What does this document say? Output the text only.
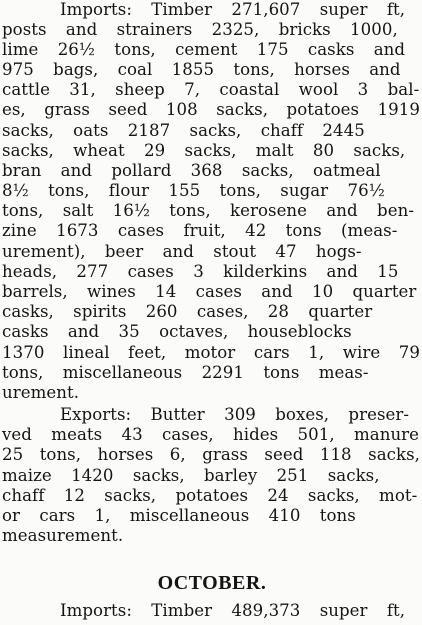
Imports: Timber 271,607 super ft,
posts and strainers 2325, bricks 1000,
lime 26½ tons, cement 175 casks and
975 bags, coal 1855 tons, horses and
cattle 31, sheep 7, coastal wool 3 bal-
es, grass seed 108 sacks, potatoes 1919
sacks, oats 2187 sacks, chaff 2445
sacks, wheat 29 sacks, malt 80 sacks,
bran and pollard 368 sacks, oatmeal
8½ tons, flour 155 tons, sugar 76½
tons, salt 16½ tons, kerosene and ben-
zine 1673 cases fruit, 42 tons (meas-
urement), beer and stout 47 hogs-
heads, 277 cases 3 kilderkins and 15
barrels, wines 14 cases and 10 quarter
casks, spirits 260 cases, 28 quarter
casks and 35 octaves, houseblocks
1370 lineal feet, motor cars 1, wire 79
tons, miscellaneous 2291 tons meas-
urement.
Exports: Butter 309 boxes, preser-
ved meats 43 cases, hides 501, manure
25 tons, horses 6, grass seed 118 sacks,
maize 1420 sacks, barley 251 sacks,
chaff 12 sacks, potatoes 24 sacks, mot-
or cars 1, miscellaneous 410 tons
measurement.
OCTOBER.
Imports: Timber 489,373 super ft,
